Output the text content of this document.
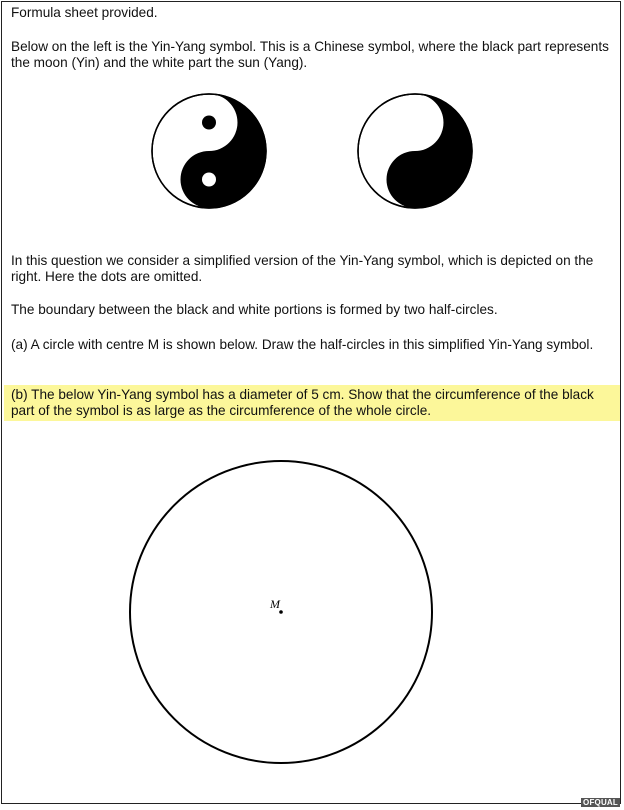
Formula sheet provided.

Below on the left is the Yin-Yang symbol. This is a Chinese symbol, where the black part represents the moon (Yin) and the white part the sun (Yang).

In this question we consider a simplified version of the Yin-Yang symbol, which is depicted on the right. Here the dots are omitted.

The boundary between the black and white portions is formed by two half-circles.

(a) A circle with centre M is shown below. Draw the half-circles in this simplified Yin-Yang symbol.

(b) The below Yin-Yang symbol has a diameter of 5 cm. Show that the circumference of the black part of the symbol is as large as the circumference of the whole circle.

M
OFQUAL
